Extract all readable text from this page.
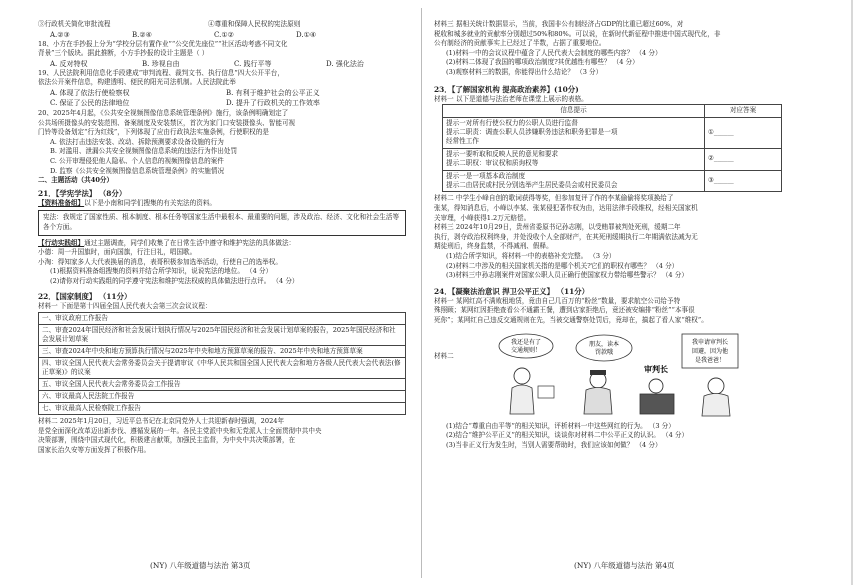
③行政机关简化审批流程	④尊重和保障人民权的宪法原则
A.②③	B.②④	C.①②	D.①④
18、小方在手抄报上分为“学校分层有置作业”“公交优先座位”“社区活动考惑不同文化
背景”三个版块。据此推断，小方手抄报的设计主题是（ ）
A. 反对特权	B. 珍视自由	C. 践行平等	D. 强化法治
19、人民法院利用信息化手段建成“审判流程、裁判文书、执行信息”四大公开平台，
依法公开案件信息，构建透明、便民的阳光司法机制。人民法院此举
A. 体现了依法行使检察权	B. 有利于维护社会的公平正义
C. 保证了公民的法律地位	D. 提升了行政机关的工作效率
20、2025年4月起，《公共安全视频图像信息系统管理条例》施行，该条例明确划定了
公共场所摄像头的安装范围、备案制度及安装禁区，首次为家门口安装摄像头、智能可视
门铃等设备划定“行为红线”，下列体现了应由行政执法实施条例，行使职权的是
A. 依法打击违法安装、改动、拆除预测要求设备设施的行为
B. 对滥用、泄漏公共安全视频图像信息系统的违法行为作出处罚
C. 公开审理侵犯他人隐私、个人信息的视频图像信息的案件
D. 监察《公共安全视频图像信息系统管理条例》的实施情况
二、主题活动（共40分）
21．【学宪学法】 （8分）
【资料准备组】以下是小南和同学们搜集的有关宪法的资料。
宪法：我规定了国家性质、根本制度、根本任务等国家生活中最根本、最重要的问题，涉及政治、经济、文化和社会生活等各个方面。
【行动实践组】通过主题调查，同学们收集了在日常生活中遵守和维护宪法的具体做法：
小德：周一升国旗时，面向国旗，行注目礼，唱国歌。
小淘：得知家多人大代表换届的消息，表哥积极参加选举活动，行使自己的选举权。
(1)根据资料准备组搜集的资料并结合所学知识，说说宪法的地位。 （4 分）
(2)请你对行动实践组的同学遵守宪法和维护宪法权威的具体做法进行点评。 （4 分）
22．【国家制度】 （11分）
材料一 下面是第十四届全国人民代表大会第三次会议议程：
一、审议政府工作报告
二、审查2024年国民经济和社会发展计划执行情况与2025年国民经济和社会发展计划草案的报告，2025年国民经济和社会发展计划草案
三、审查2024年中央和地方预算执行情况与2025年中央和地方预算草案的报告、2025年中央和地方预算草案
四、审议全国人民代表大会常务委员会关于提请审议《中华人民共和国全国人民代表大会和地方各级人民代表大会代表法(修正草案)》的议案
五、审议全国人民代表大会常务委员会工作报告
六、审议最高人民法院工作报告
七、审议最高人民检察院工作报告
材料二 2025年1月20日，习近平总书记在北京同党外人士共迎新春时强调，2024年
是党全面深化改革迈出新步伐、遵循发展的一年。各民主党派中央和无党派人士全面贯彻中共中央
决策部署，围绕中国式现代化，积极建言献策，加强民主监督，为中央中共决策部署，在
国家长治久安等方面发挥了积极作用。
(NY) 八年级道德与法治 第3页
材料三 据相关统计数据显示，当前，我国非公有制经济占GDP的比重已超过60%，对
税收和城多就业的贡献率分别超过50%和80%。可以说，在新时代新征程中推进中国式现代化，非
公有制经济的贡献事实上已经过了半数，占据了重要地位。
(1)材料一中的会议议程中蕴含了人民代表大会制度的哪些内容？ （4 分）
(2)材料二体现了我国的哪项政治制度?其优越性有哪些？ （4 分）
(3)观察材料三的数据，你能得出什么结论？ （3 分）
23．【了解国家机构 提高政治素养】(10分)
材料一 以下是道德与法治老师在课堂上展示的表格。
信息提示	对应答案

提示一对所有行使公权力的公职人员进行监督
提示二职责：调查公职人员涉嫌职务违法和职务犯罪是一项
经常性工作	①______

提示一要听取和反映人民的意见和要求
提示二职权：审议权和质询权等	②______

提示一是一项基本政治制度
提示二由居民或村民分别选举产生居民委员会或村民委员会	③______
材料二 中学生小峰自创的歌词获得等奖，但参加复评了作的李某偷偷将奖项换给了
张某，得知消息后，小峰以李某、张某侵犯著作权为由，达用法律手段维权，经相关国家机
关审理，小峰获得1.2万元赔偿。
材料三 2024年10月29日，贵州省委原书记孙志刚，以受贿罪被判处死刑，缓期二年
执行，剥夺政治权利终身，并处没收个人全部财产，在其死刑缓期执行二年期满依法减为无
期徒刑后，终身监禁，不得减刑、假释。
(1)结合所学知识，将材料一中的表格补充完整。 （3 分）
(2)材料二中涉及的相关国家机关指的是哪个机关?它们的职权有哪些？ （4 分）
(3)材料三中孙志刚案件对国家公职人员正确行使国家权力带给哪些警示？ （4 分）
24．【凝聚法治意识 捍卫公平正义】 （11分）
材料一 某网红高不满败租地赁，竟由自己几百万的“粉丝”数量，要求航空公司给予特
殊照顾；某网红因拒绝查看公不通霸王餐，遭到店家拒绝后，竟还被安编排“粉丝”“本事很
死你”；某网红自己违反交通规则在先，当被交通警察处罚后，竟却在，搞起了看人家“维权”。
材料二
我还是有了
交通规则！
朋友，读本
罚款哦
审判长
我申请审判长
回避，因为他
是我爸爸！
(1)结合“尊重自由平等”的相关知识，评析材料一中这些网红的行为。 （3 分）
(2)结合“维护公平正义”的相关知识，谈谈你对材料二中公平正义的认识。 （4 分）
(3)当非正义行为发生时，当别人需要帮助时，我们应该如何做？ （4 分）
(NY) 八年级道德与法治 第4页
